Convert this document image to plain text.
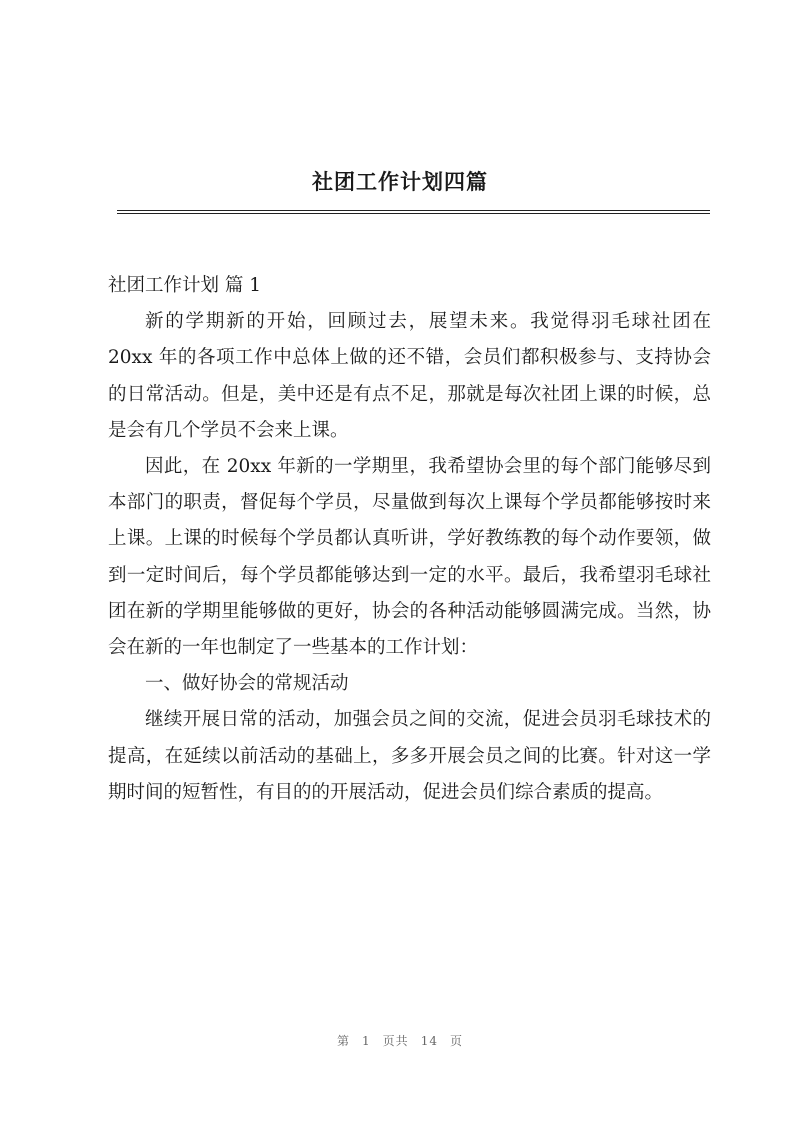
社团工作计划四篇

社团工作计划 篇 1

新的学期新的开始，回顾过去，展望未来。我觉得羽毛球社团在 20xx 年的各项工作中总体上做的还不错，会员们都积极参与、支持协会的日常活动。但是，美中还是有点不足，那就是每次社团上课的时候，总是会有几个学员不会来上课。

因此，在 20xx 年新的一学期里，我希望协会里的每个部门能够尽到本部门的职责，督促每个学员，尽量做到每次上课每个学员都能够按时来上课。上课的时候每个学员都认真听讲，学好教练教的每个动作要领，做到一定时间后，每个学员都能够达到一定的水平。最后，我希望羽毛球社团在新的学期里能够做的更好，协会的各种活动能够圆满完成。当然，协会在新的一年也制定了一些基本的工作计划：

一、做好协会的常规活动

继续开展日常的活动，加强会员之间的交流，促进会员羽毛球技术的提高，在延续以前活动的基础上，多多开展会员之间的比赛。针对这一学期时间的短暂性，有目的的开展活动，促进会员们综合素质的提高。

第 1 页共 14 页
